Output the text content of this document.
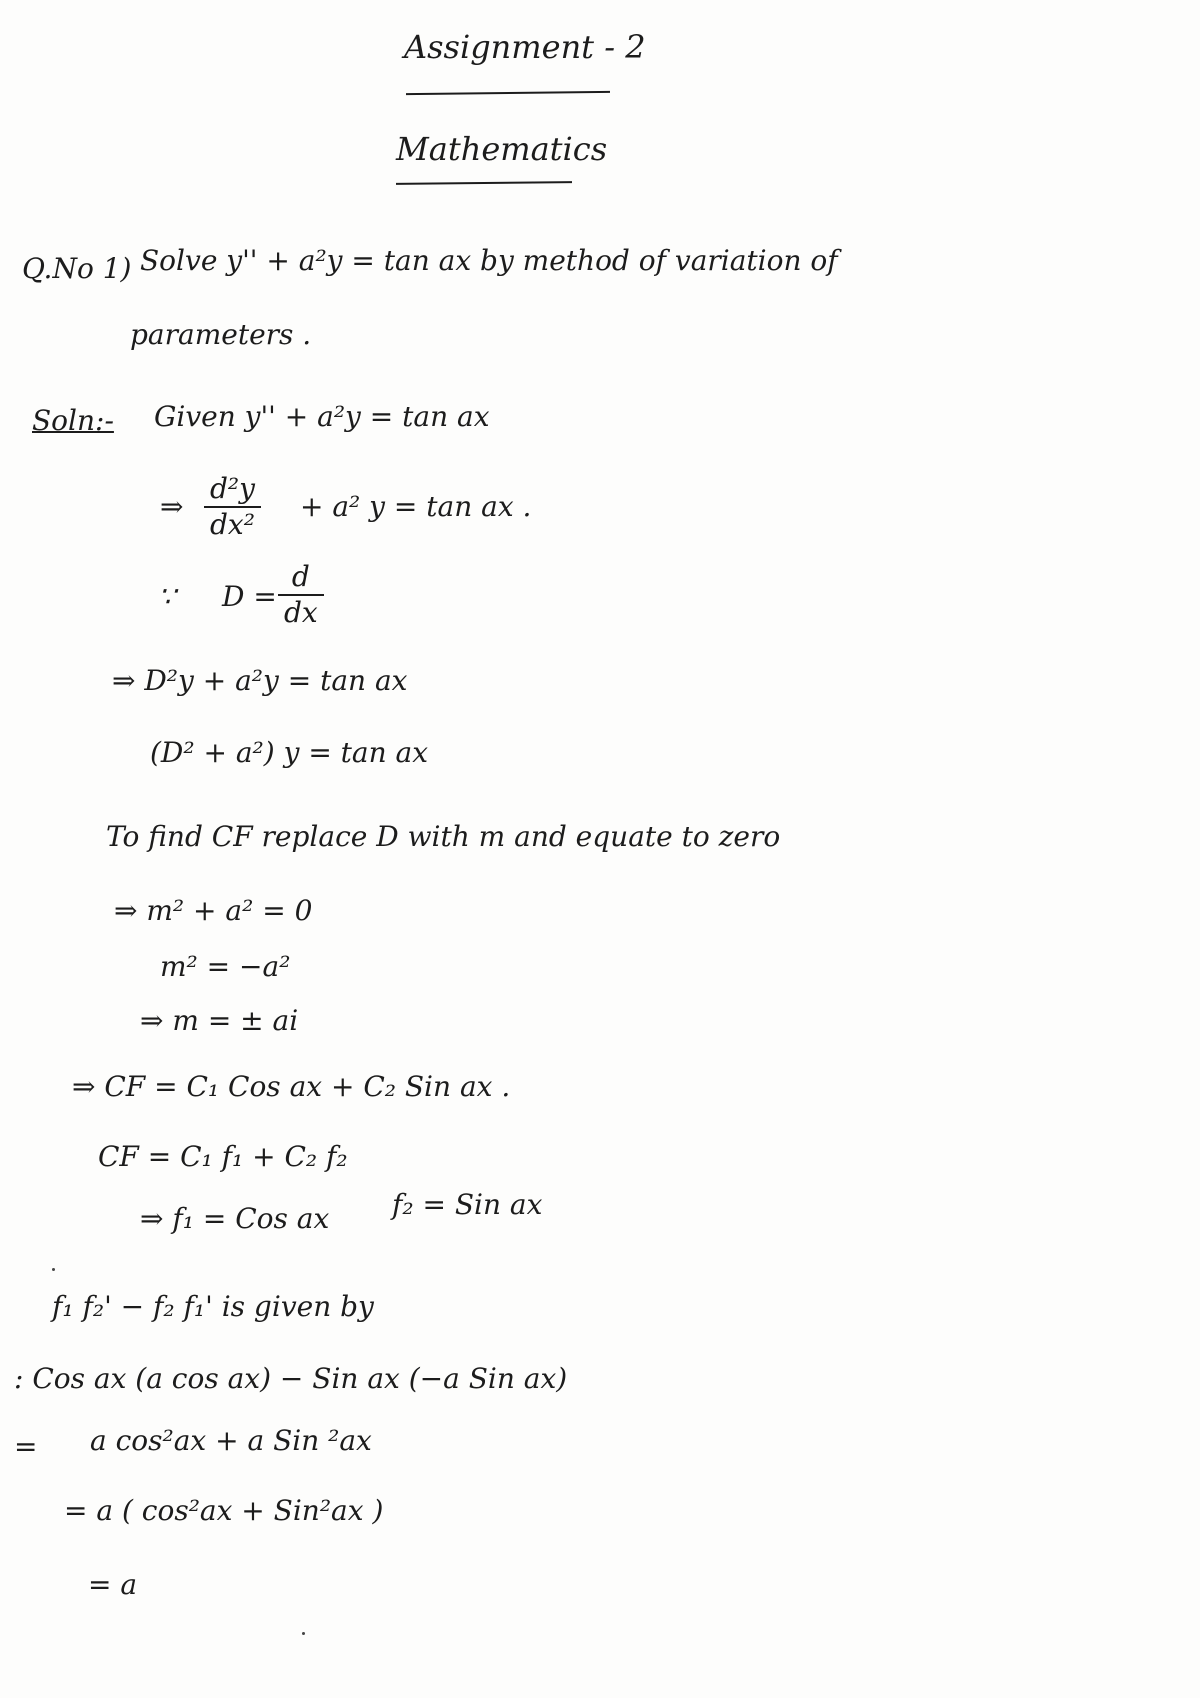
Assignment - 2
Mathematics
Q.No 1) Solve y'' + a²y = tan ax by method of variation of
parameters .
Soln:- Given y'' + a²y = tan ax
⇒
d²y
dx²
+ a² y = tan ax .
∵ D =
d
dx
⇒ D²y + a²y = tan ax
(D² + a²) y = tan ax
To find CF replace D with m and equate to zero
⇒ m² + a² = 0
m² = −a²
⇒ m = ± ai
⇒ CF = C₁ Cos ax + C₂ Sin ax .
CF = C₁ f₁ + C₂ f₂
⇒ f₁ = Cos ax f₂ = Sin ax
f₁ f₂' − f₂ f₁' is given by
: Cos ax (a cos ax) − Sin ax (−a Sin ax)
= a cos²ax + a Sin ²ax
= a ( cos²ax + Sin²ax )
= a
